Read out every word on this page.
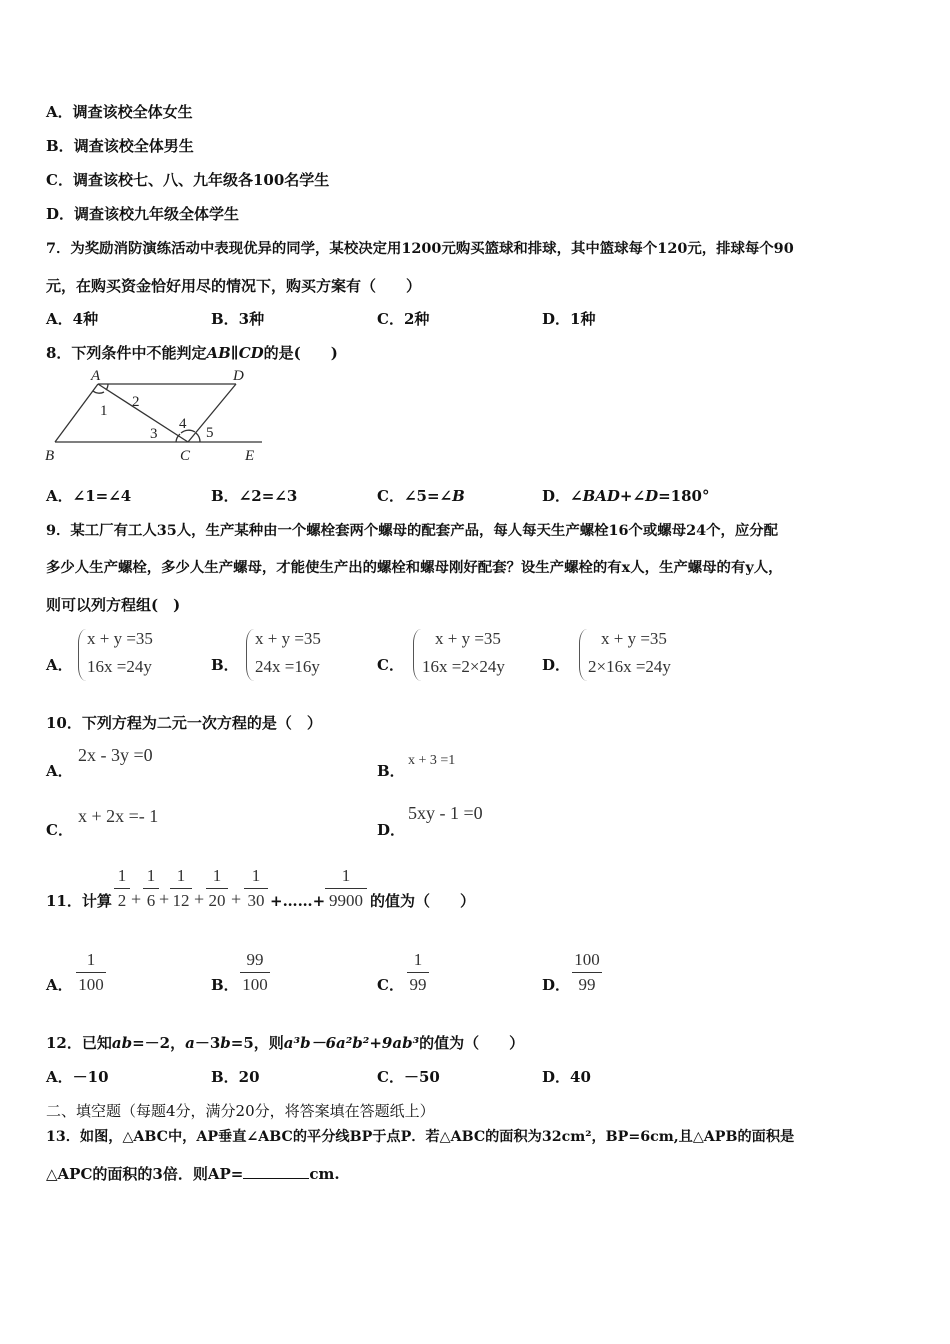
A．调查该校全体女生
B．调查该校全体男生
C．调查该校七、八、九年级各100名学生
D．调查该校九年级全体学生
7．为奖励消防演练活动中表现优异的同学，某校决定用1200元购买篮球和排球，其中篮球每个120元，排球每个90
元，在购买资金恰好用尽的情况下，购买方案有（　　）
A．4种	B．3种	C．2种	D．1种
8．下列条件中不能判定AB∥CD的是(　　)
A	D
B	C	E
1
2
3
4
5
A．∠1=∠4	B．∠2=∠3	C．∠5=∠B	D．∠BAD+∠D=180°
9．某工厂有工人35人，生产某种由一个螺栓套两个螺母的配套产品，每人每天生产螺栓16个或螺母24个，应分配
多少人生产螺栓，多少人生产螺母，才能使生产出的螺栓和螺母刚好配套？设生产螺栓的有x人，生产螺母的有y人，
则可以列方程组(　)
A．
x + y =35
16x =24y	B．
x + y =35
24x =16y	C．
x + y =35
16x =2×24y D．
x + y =35
2×16x =24y
10．下列方程为二元一次方程的是（　）
A．
2x - 3y =0
B．
x + 3 =1
C．
x + 2x =- 1
D．
5xy - 1 =0
11．计算
1
2 +
1
6 +
1
12 +
1
20 +
1
30 +……+
1
9900 的值为（　　）
A．
1
100	B．
99
100	C．
1
99	D．
100
99
12．已知ab=－2，a－3b=5，则a³b－6a²b²+9ab³的值为（　　）
A．－10	B．20	C．－50	D．40
二、填空题（每题4分，满分20分，将答案填在答题纸上）
13．如图，△ABC中，AP垂直∠ABC的平分线BP于点P．若△ABC的面积为32cm²，BP=6cm,且△APB的面积是
△APC的面积的3倍．则AP=	cm.
